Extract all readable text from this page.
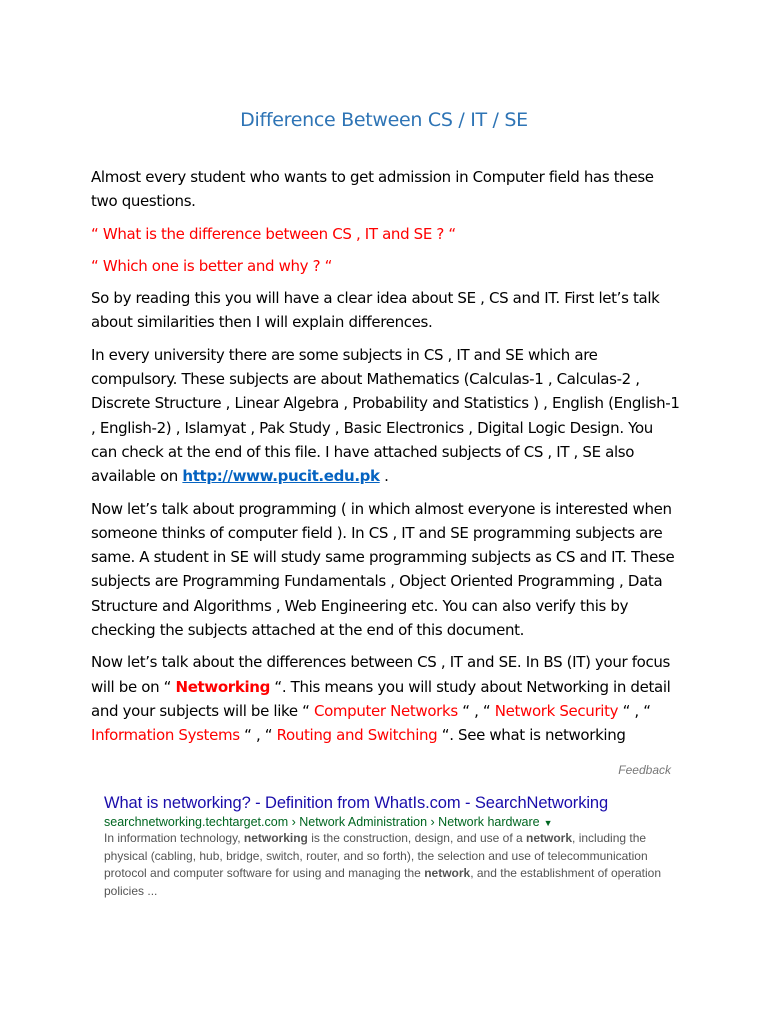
Difference Between CS / IT / SE

Almost every student who wants to get admission in Computer field has these two questions.

“ What is the difference between CS , IT and SE ? “

“ Which one is better and why ? “

So by reading this you will have a clear idea about SE , CS and IT. First let’s talk about similarities then I will explain differences.

In every university there are some subjects in CS , IT and SE which are compulsory. These subjects are about Mathematics (Calculas-1 , Calculas-2 , Discrete Structure , Linear Algebra , Probability and Statistics ) , English (English-1 , English-2) , Islamyat , Pak Study , Basic Electronics , Digital Logic Design. You can check at the end of this file. I have attached subjects of CS , IT , SE also available on http://www.pucit.edu.pk .

Now let’s talk about programming ( in which almost everyone is interested when someone thinks of computer field ). In CS , IT and SE programming subjects are same. A student in SE will study same programming subjects as CS and IT. These subjects are Programming Fundamentals , Object Oriented Programming , Data Structure and Algorithms , Web Engineering etc. You can also verify this by checking the subjects attached at the end of this document.

Now let’s talk about the differences between CS , IT and SE. In BS (IT) your focus will be on “ Networking “. This means you will study about Networking in detail and your subjects will be like “ Computer Networks “ , “ Network Security “ , “ Information Systems “ , “ Routing and Switching “. See what is networking

Feedback
What is networking? - Definition from WhatIs.com - SearchNetworking
searchnetworking.techtarget.com › Network Administration › Network hardware ▼
In information technology, networking is the construction, design, and use of a network, including the physical (cabling, hub, bridge, switch, router, and so forth), the selection and use of telecommunication protocol and computer software for using and managing the network, and the establishment of operation policies ...
